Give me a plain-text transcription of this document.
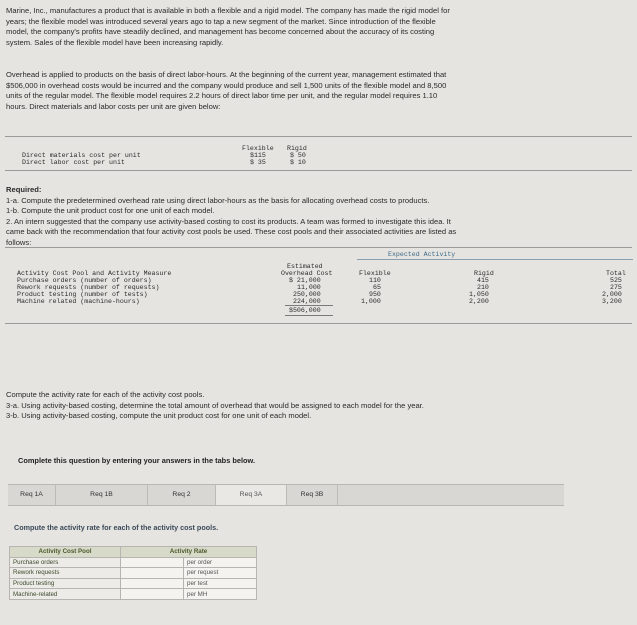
Marine, Inc., manufactures a product that is available in both a flexible and a rigid model. The company has made the rigid model for

years; the flexible model was introduced several years ago to tap a new segment of the market. Since introduction of the flexible

model, the company's profits have steadily declined, and management has become concerned about the accuracy of its costing

system. Sales of the flexible model have been increasing rapidly.

Overhead is applied to products on the basis of direct labor-hours. At the beginning of the current year, management estimated that

$506,000 in overhead costs would be incurred and the company would produce and sell 1,500 units of the flexible model and 8,500

units of the regular model. The flexible model requires 2.2 hours of direct labor time per unit, and the regular model requires 1.10

hours. Direct materials and labor costs per unit are given below:

Flexible Rigid
Direct materials cost per unit	$115	$ 50
Direct labor cost per unit	$ 35	$ 10

Required:

1-a. Compute the predetermined overhead rate using direct labor-hours as the basis for allocating overhead costs to products.

1-b. Compute the unit product cost for one unit of each model.

2. An intern suggested that the company use activity-based costing to cost its products. A team was formed to investigate this idea. It

came back with the recommendation that four activity cost pools be used. These cost pools and their associated activities are listed as

follows:

Expected Activity
Estimated
Overhead Cost	Flexible	Rigid	Total
Activity Cost Pool and Activity Measure
Purchase orders (number of orders)	$ 21,000	110	415	525
Rework requests (number of requests)	11,000	65	210	275
Product testing (number of tests)	250,000	950	1,050	2,000
Machine related (machine-hours)	224,000	1,000	2,200	3,200
$506,000

Compute the activity rate for each of the activity cost pools.

3-a. Using activity-based costing, determine the total amount of overhead that would be assigned to each model for the year.

3-b. Using activity-based costing, compute the unit product cost for one unit of each model.

Complete this question by entering your answers in the tabs below.
Req 1A	Req 1B	Req 2	Req 3A	Req 3B
Compute the activity rate for each of the activity cost pools.
Activity Cost Pool	Activity Rate	
Purchase orders		per order
Rework requests		per request
Product testing		per test
Machine-related		per MH
